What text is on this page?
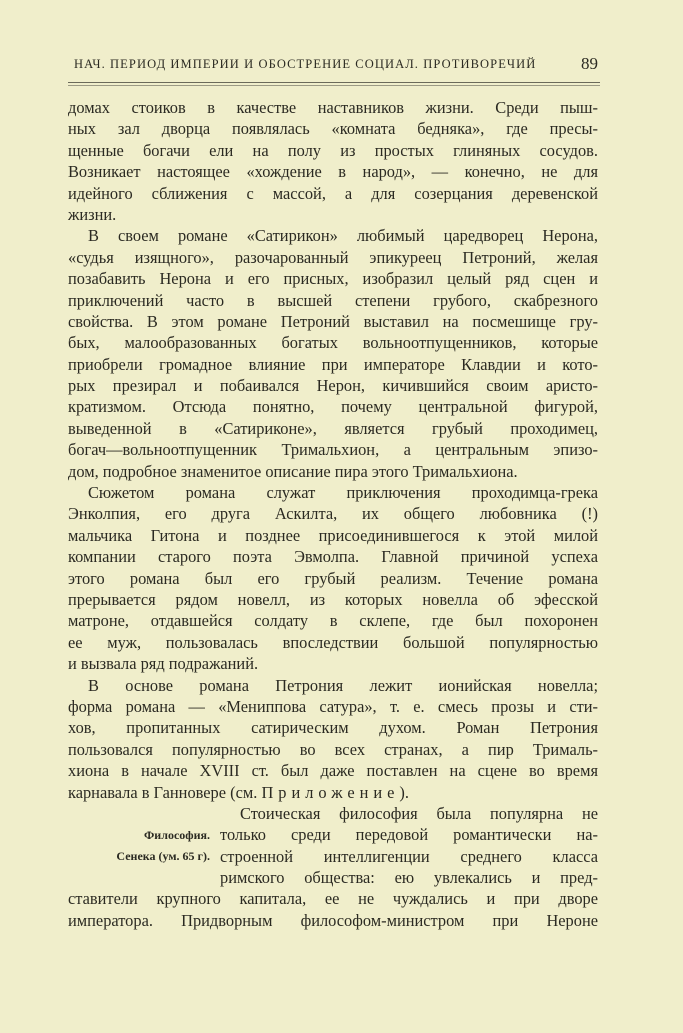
НАЧ. ПЕРИОД ИМПЕРИИ И ОБОСТРЕНИЕ СОЦИАЛ. ПРОТИВОРЕЧИЙ	89
домах стоиков в качестве наставников жизни. Среди пыш-
ных зал дворца появлялась «комната бедняка», где пресы-
щенные богачи ели на полу из простых глиняных сосудов.
Возникает настоящее «хождение в народ», — конечно, не для
идейного сближения с массой, а для созерцания деревенской
жизни.
В своем романе «Сатирикон» любимый царедворец Нерона,
«судья изящного», разочарованный эпикуреец Петроний, желая
позабавить Нерона и его присных, изобразил целый ряд сцен и
приключений часто в высшей степени грубого, скабрезного
свойства. В этом романе Петроний выставил на посмешище гру-
бых, малообразованных богатых вольноотпущенников, которые
приобрели громадное влияние при императоре Клавдии и кото-
рых презирал и побаивался Нерон, кичившийся своим аристо-
кратизмом. Отсюда понятно, почему центральной фигурой,
выведенной в «Сатириконе», является грубый проходимец,
богач—вольноотпущенник Тримальхион, а центральным эпизо-
дом, подробное знаменитое описание пира этого Тримальхиона.
Сюжетом романа служат приключения проходимца-грека
Энколпия, его друга Аскилта, их общего любовника (!)
мальчика Гитона и позднее присоединившегося к этой милой
компании старого поэта Эвмолпа. Главной причиной успеха
этого романа был его грубый реализм. Течение романа
прерывается рядом новелл, из которых новелла об эфесской
матроне, отдавшейся солдату в склепе, где был похоронен
ее муж, пользовалась впоследствии большой популярностью
и вызвала ряд подражаний.
В основе романа Петрония лежит ионийская новелла;
форма романа — «Мениппова сатура», т. е. смесь прозы и сти-
хов, пропитанных сатирическим духом. Роман Петрония
пользовался популярностью во всех странах, а пир Трималь-
хиона в начале XVIII ст. был даже поставлен на сцене во время
карнавала в Ганновере (см. Приложение).
Стоическая философия была популярна не
только среди передовой романтически на-
строенной интеллигенции среднего класса
римского общества: ею увлекались и пред-
ставители крупного капитала, ее не чуждались и при дворе
императора. Придворным философом-министром при Нероне
Философия.
Сенека (ум. 65 г).
